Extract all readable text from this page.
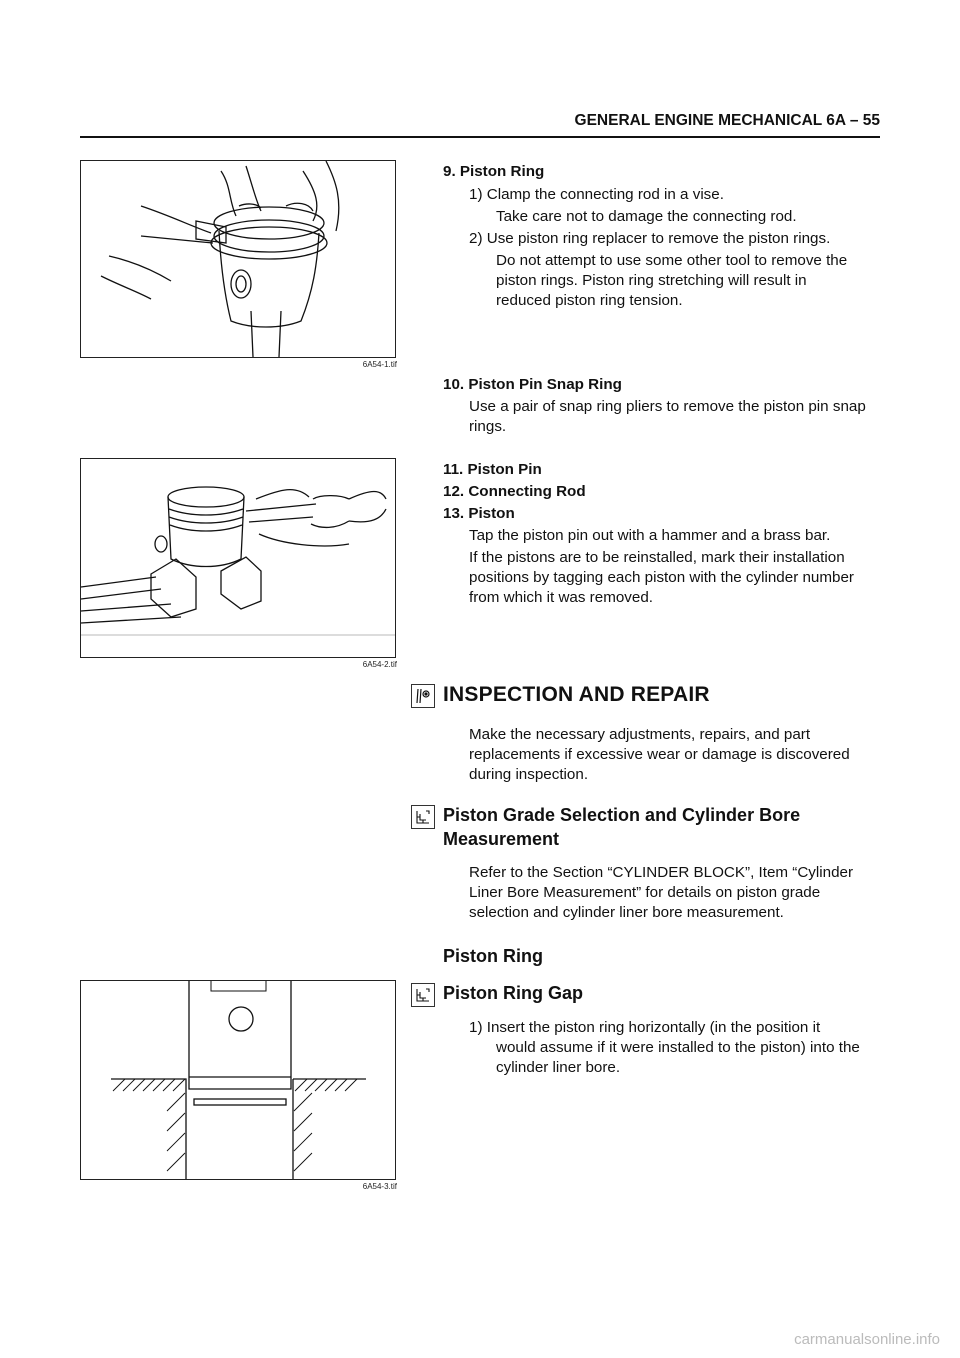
GENERAL ENGINE MECHANICAL 6A – 55
6A54-1.tif
6A54-2.tif
6A54-3.tif
9. Piston Ring
1) Clamp the connecting rod in a vise.
Take care not to damage the connecting rod.
2) Use piston ring replacer to remove the piston rings.
Do not attempt to use some other tool to remove the
piston rings. Piston ring stretching will result in
reduced piston ring tension.
10. Piston Pin Snap Ring
Use a pair of snap ring pliers to remove the piston pin snap
rings.
11. Piston Pin
12. Connecting Rod
13. Piston
Tap the piston pin out with a hammer and a brass bar.
If the pistons are to be reinstalled, mark their installation
positions by tagging each piston with the cylinder number
from which it was removed.
INSPECTION AND REPAIR
Make the necessary adjustments, repairs, and part
replacements if excessive wear or damage is discovered
during inspection.
Piston Grade Selection and Cylinder Bore
Measurement
Refer to the Section “CYLINDER BLOCK”, Item “Cylinder
Liner Bore Measurement” for details on piston grade
selection and cylinder liner bore measurement.
Piston Ring
Piston Ring Gap
1) Insert the piston ring horizontally (in the position it
would assume if it were installed to the piston) into the
cylinder liner bore.
carmanualsonline.info
